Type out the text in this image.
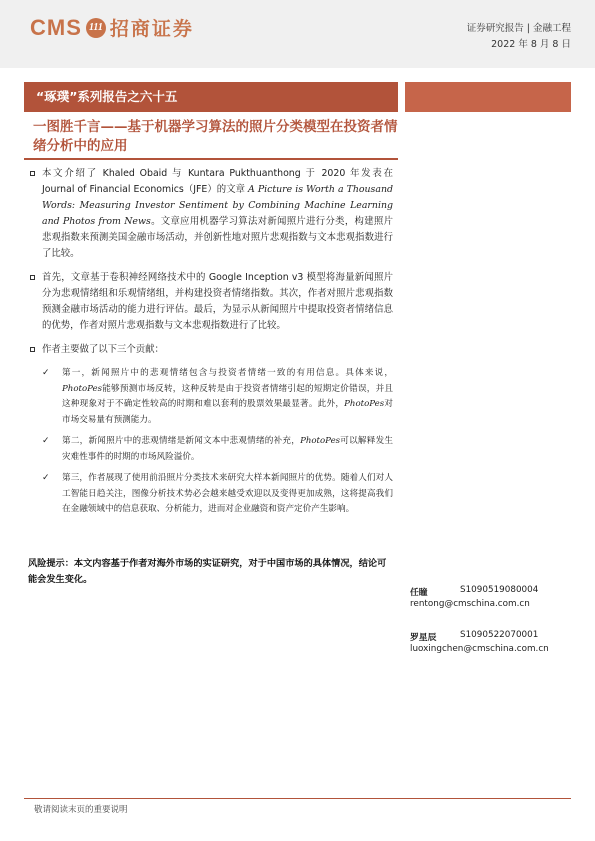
CMS 111 招商证券	证券研究报告 | 金融工程
2022 年 8 月 8 日
“琢璞”系列报告之六十五
一图胜千言——基于机器学习算法的照片分类模型在投资者情绪分析中的应用
本文介绍了 Khaled Obaid 与 Kuntara Pukthuanthong 于 2020 年发表在 Journal of Financial Economics（JFE）的文章 A Picture is Worth a Thousand Words: Measuring Investor Sentiment by Combining Machine Learning and Photos from News。文章应用机器学习算法对新闻照片进行分类，构建照片悲观指数来预测美国金融市场活动，并创新性地对照片悲观指数与文本悲观指数进行了比较。
首先，文章基于卷积神经网络技术中的 Google Inception v3 模型将海量新闻照片分为悲观情绪组和乐观情绪组，并构建投资者情绪指数。其次，作者对照片悲观指数预测金融市场活动的能力进行评估。最后，为显示从新闻照片中提取投资者情绪信息的优势，作者对照片悲观指数与文本悲观指数进行了比较。
作者主要做了以下三个贡献：
✓ 第一，新闻照片中的悲观情绪包含与投资者情绪一致的有用信息。具体来说，PhotoPes能够预测市场反转，这种反转是由于投资者情绪引起的短期定价错误，并且这种现象对于不确定性较高的时期和难以套利的股票效果最显著。此外，PhotoPes对市场交易量有预测能力。
✓ 第二，新闻照片中的悲观情绪是新闻文本中悲观情绪的补充，PhotoPes可以解释发生灾难性事件的时期的市场风险溢价。
✓ 第三，作者展现了使用前沿照片分类技术来研究大样本新闻照片的优势。随着人们对人工智能日趋关注，图像分析技术势必会越来越受欢迎以及变得更加成熟，这将提高我们在金融领域中的信息获取、分析能力，进而对企业融资和资产定价产生影响。
风险提示：本文内容基于作者对海外市场的实证研究，对于中国市场的具体情况，结论可能会发生变化。
任瞳	S1090519080004
rentong@cmschina.com.cn
罗星辰	S1090522070001
luoxingchen@cmschina.com.cn
敬请阅读末页的重要说明
